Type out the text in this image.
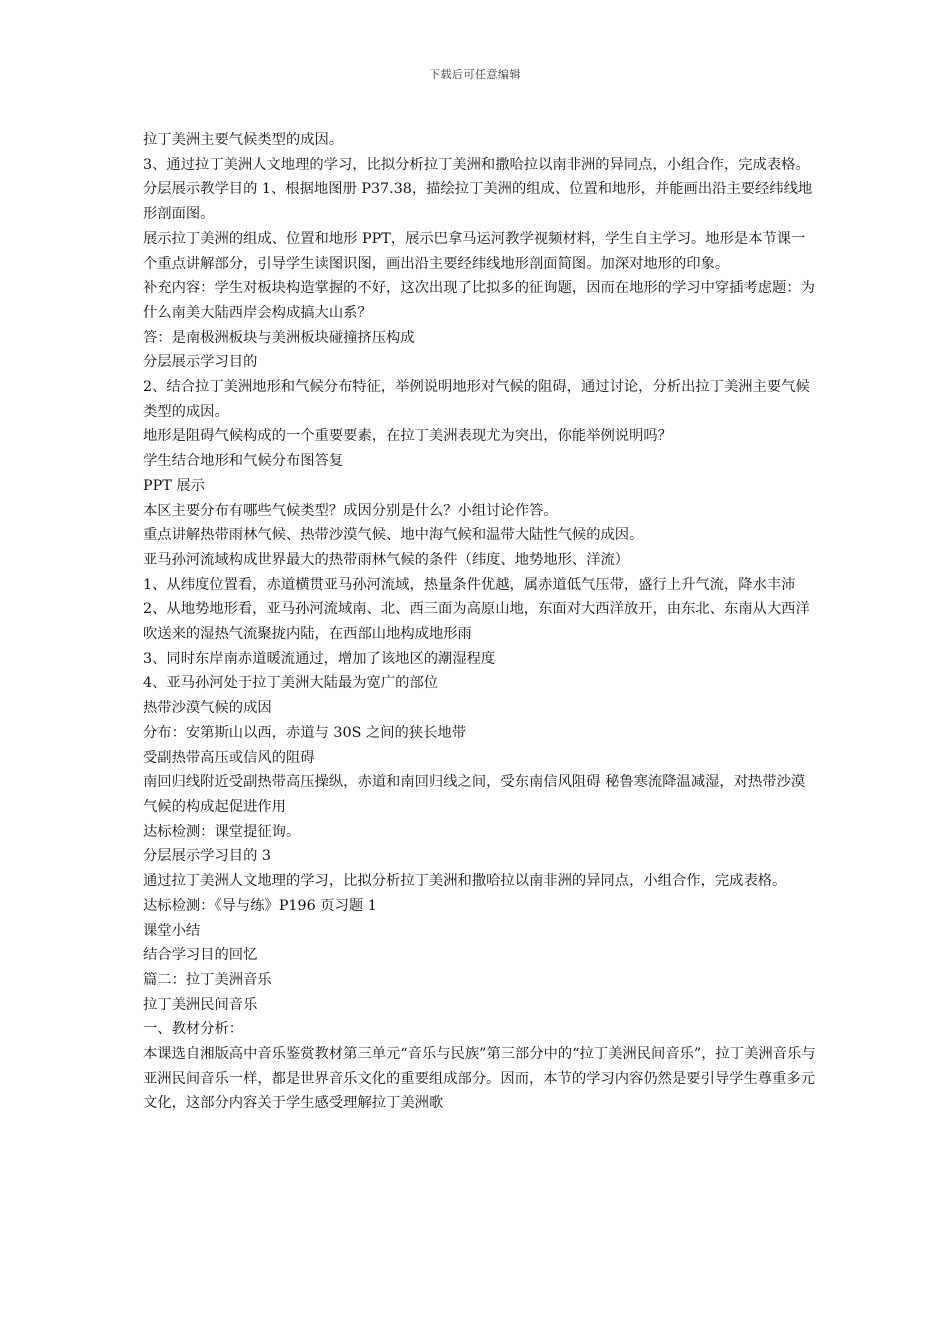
下载后可任意编辑

拉丁美洲主要气候类型的成因。

3、通过拉丁美洲人文地理的学习，比拟分析拉丁美洲和撒哈拉以南非洲的异同点，小组合作，完成表格。

分层展示教学目的 1、根据地图册 P37.38，描绘拉丁美洲的组成、位置和地形，并能画出沿主要经纬线地形剖面图。

展示拉丁美洲的组成、位置和地形 PPT，展示巴拿马运河教学视频材料，学生自主学习。地形是本节课一个重点讲解部分，引导学生读图识图，画出沿主要经纬线地形剖面简图。加深对地形的印象。

补充内容：学生对板块构造掌握的不好，这次出现了比拟多的征询题，因而在地形的学习中穿插考虑题：为什么南美大陆西岸会构成搞大山系？

答：是南极洲板块与美洲板块碰撞挤压构成

分层展示学习目的

2、结合拉丁美洲地形和气候分布特征，举例说明地形对气候的阻碍，通过讨论，分析出拉丁美洲主要气候类型的成因。

地形是阻碍气候构成的一个重要要素，在拉丁美洲表现尤为突出，你能举例说明吗？

学生结合地形和气候分布图答复

PPT 展示

本区主要分布有哪些气候类型？成因分别是什么？小组讨论作答。

重点讲解热带雨林气候、热带沙漠气候、地中海气候和温带大陆性气候的成因。

亚马孙河流域构成世界最大的热带雨林气候的条件（纬度、地势地形、洋流）

1、从纬度位置看，赤道横贯亚马孙河流域，热量条件优越，属赤道低气压带，盛行上升气流，降水丰沛

2、从地势地形看，亚马孙河流域南、北、西三面为高原山地，东面对大西洋放开，由东北、东南从大西洋吹送来的湿热气流聚拢内陆，在西部山地构成地形雨

3、同时东岸南赤道暖流通过，增加了该地区的潮湿程度

4、亚马孙河处于拉丁美洲大陆最为宽广的部位

热带沙漠气候的成因

分布：安第斯山以西，赤道与 30S 之间的狭长地带

受副热带高压或信风的阻碍

南回归线附近受副热带高压操纵，赤道和南回归线之间，受东南信风阻碍 秘鲁寒流降温减湿，对热带沙漠气候的构成起促进作用

达标检测：课堂提征询。

分层展示学习目的 3

通过拉丁美洲人文地理的学习，比拟分析拉丁美洲和撒哈拉以南非洲的异同点，小组合作，完成表格。

达标检测：《导与练》P196 页习题 1

课堂小结

结合学习目的回忆

篇二：拉丁美洲音乐

拉丁美洲民间音乐

一、教材分析：

本课选自湘版高中音乐鉴赏教材第三单元“音乐与民族”第三部分中的“拉丁美洲民间音乐”，拉丁美洲音乐与亚洲民间音乐一样，都是世界音乐文化的重要组成部分。因而，本节的学习内容仍然是要引导学生尊重多元文化，这部分内容关于学生感受理解拉丁美洲歌
